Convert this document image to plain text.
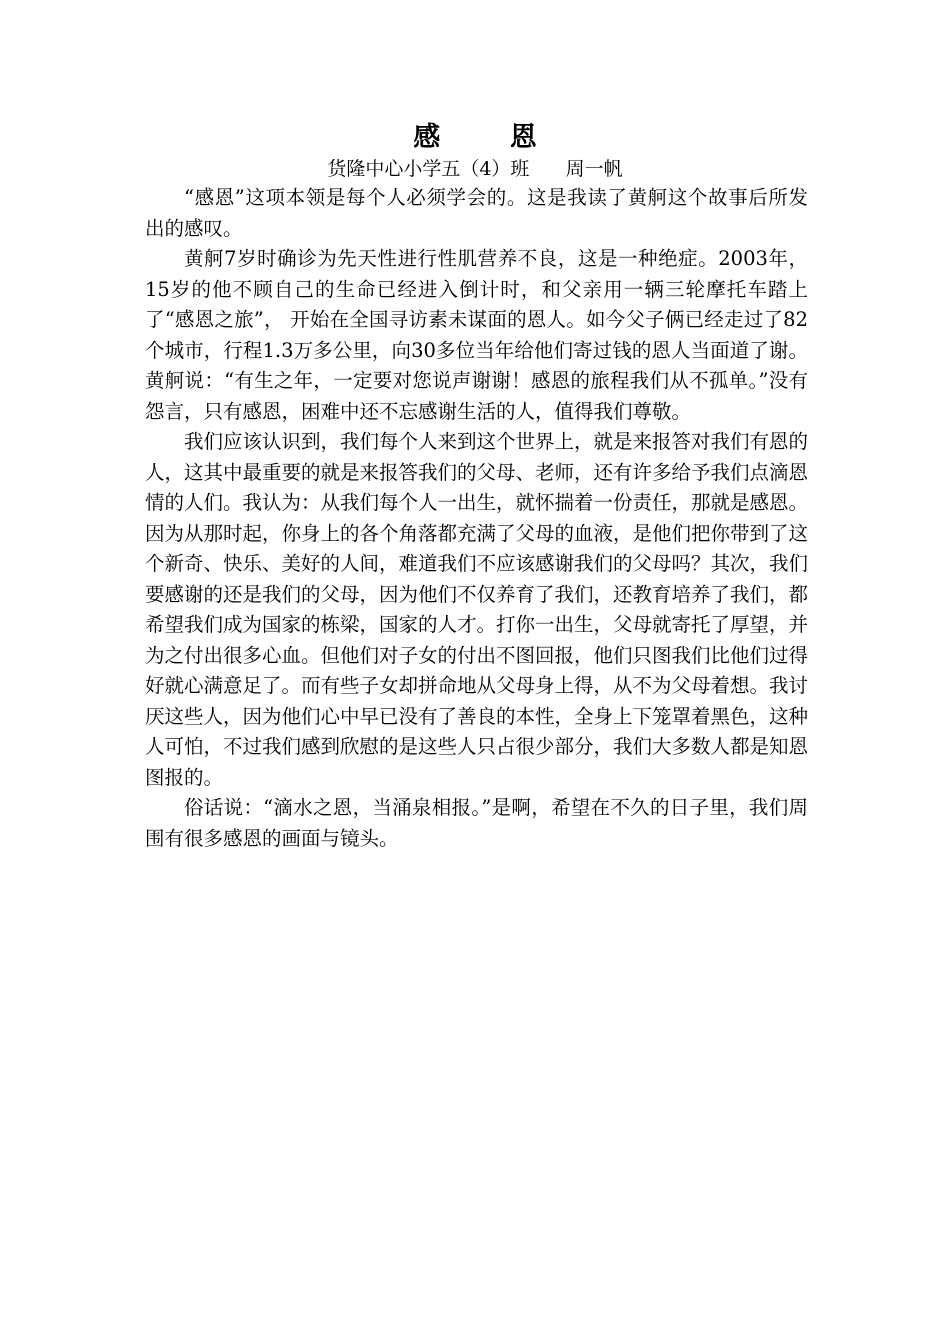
感 恩
货隆中心小学五（4）班      周一帆

“感恩”这项本领是每个人必须学会的。这是我读了黄舸这个故事后所发出的感叹。

黄舸7岁时确诊为先天性进行性肌营养不良，这是一种绝症。2003年，15岁的他不顾自己的生命已经进入倒计时，和父亲用一辆三轮摩托车踏上了“感恩之旅”， 开始在全国寻访素未谋面的恩人。如今父子俩已经走过了82个城市，行程1.3万多公里，向30多位当年给他们寄过钱的恩人当面道了谢。黄舸说：“有生之年，一定要对您说声谢谢！感恩的旅程我们从不孤单。”没有怨言，只有感恩，困难中还不忘感谢生活的人，值得我们尊敬。

我们应该认识到，我们每个人来到这个世界上，就是来报答对我们有恩的人，这其中最重要的就是来报答我们的父母、老师，还有许多给予我们点滴恩情的人们。我认为：从我们每个人一出生，就怀揣着一份责任，那就是感恩。因为从那时起，你身上的各个角落都充满了父母的血液，是他们把你带到了这个新奇、快乐、美好的人间，难道我们不应该感谢我们的父母吗？其次，我们要感谢的还是我们的父母，因为他们不仅养育了我们，还教育培养了我们，都希望我们成为国家的栋梁，国家的人才。打你一出生，父母就寄托了厚望，并为之付出很多心血。但他们对子女的付出不图回报，他们只图我们比他们过得好就心满意足了。而有些子女却拼命地从父母身上得，从不为父母着想。我讨厌这些人，因为他们心中早已没有了善良的本性，全身上下笼罩着黑色，这种人可怕，不过我们感到欣慰的是这些人只占很少部分，我们大多数人都是知恩图报的。

俗话说：“滴水之恩，当涌泉相报。”是啊，希望在不久的日子里，我们周围有很多感恩的画面与镜头。
